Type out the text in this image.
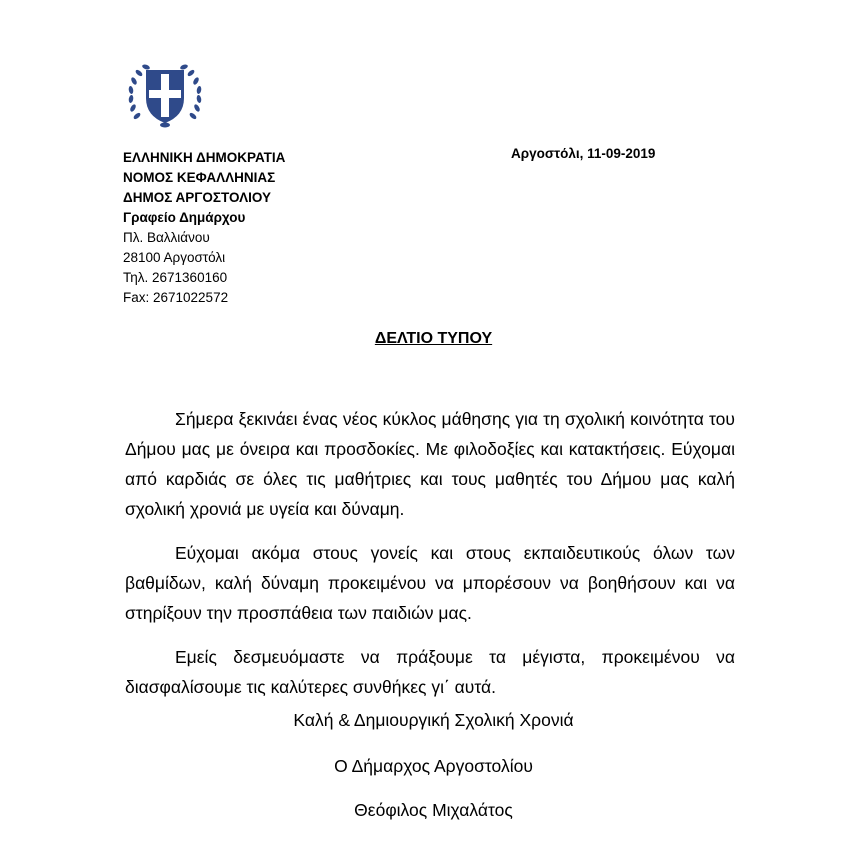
ΕΛΛΗΝΙΚΗ ΔΗΜΟΚΡΑΤΙΑ
ΝΟΜΟΣ ΚΕΦΑΛΛΗΝΙΑΣ
ΔΗΜΟΣ ΑΡΓΟΣΤΟΛΙΟΥ
Γραφείο Δημάρχου
Πλ. Βαλλιάνου
28100 Αργοστόλι
Τηλ. 2671360160
Fax: 2671022572
Αργοστόλι, 11-09-2019
ΔΕΛΤΙΟ ΤΥΠΟΥ

Σήμερα ξεκινάει ένας νέος κύκλος μάθησης για τη σχολική κοινότητα του Δήμου μας με όνειρα και προσδοκίες. Με φιλοδοξίες και κατακτήσεις. Εύχομαι από καρδιάς σε όλες τις μαθήτριες και τους μαθητές του Δήμου μας καλή σχολική χρονιά με υγεία και δύναμη.

Εύχομαι ακόμα στους γονείς και στους εκπαιδευτικούς όλων των βαθμίδων, καλή δύναμη προκειμένου να μπορέσουν να βοηθήσουν και να στηρίξουν την προσπάθεια των παιδιών μας.

Εμείς δεσμευόμαστε να πράξουμε τα μέγιστα, προκειμένου να διασφαλίσουμε τις καλύτερες συνθήκες γι΄ αυτά.

Καλή & Δημιουργική Σχολική Χρονιά
Ο Δήμαρχος Αργοστολίου
Θεόφιλος Μιχαλάτος
